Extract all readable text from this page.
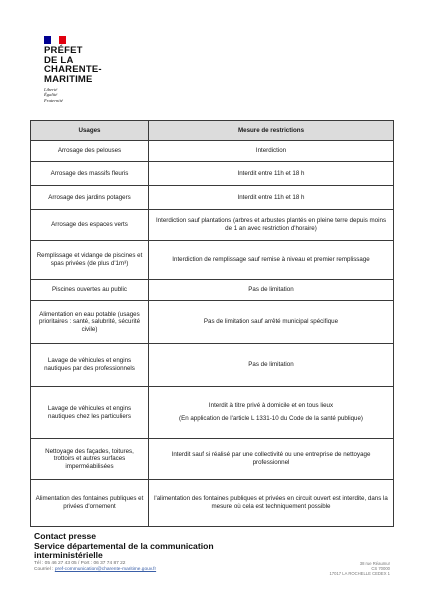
PRÉFET
DE LA
CHARENTE-
MARITIME
Liberté
Égalité
Fraternité
Usages	Mesure de restrictions
Arrosage des pelouses	Interdiction
Arrosage des massifs fleuris	Interdit entre 11h et 18 h
Arrosage des jardins potagers	Interdit entre 11h et 18 h
Arrosage des espaces verts	Interdiction sauf plantations (arbres et arbustes plantés en pleine terre depuis moins de 1 an avec restriction d'horaire)
Remplissage et vidange de piscines et spas privées (de plus d'1m³)	Interdiction de remplissage sauf remise à niveau et premier remplissage
Piscines ouvertes au public	Pas de limitation
Alimentation en eau potable (usages prioritaires : santé, salubrité, sécurité civile)	Pas de limitation sauf arrêté municipal spécifique
Lavage de véhicules et engins nautiques par des professionnels	Pas de limitation
Lavage de véhicules et engins nautiques chez les particuliers	Interdit à titre privé à domicile et en tous lieux
(En application de l'article L 1331-10 du Code de la santé publique)

Nettoyage des façades, toitures, trottoirs et autres surfaces imperméabilisées	Interdit sauf si réalisé par une collectivité ou une entreprise de nettoyage professionnel
Alimentation des fontaines publiques et privées d'ornement	l'alimentation des fontaines publiques et privées en circuit ouvert est interdite, dans la mesure où cela est techniquement possible
Contact presse
Service départemental de la communication
interministérielle
Tél : 05 46 27 43 05 / Port : 06 37 74 87 22
Courriel : pref-communication@charente-maritime.gouv.fr
38 rue Réaumur
CS 70000
17017 LA ROCHELLE CEDEX 1
